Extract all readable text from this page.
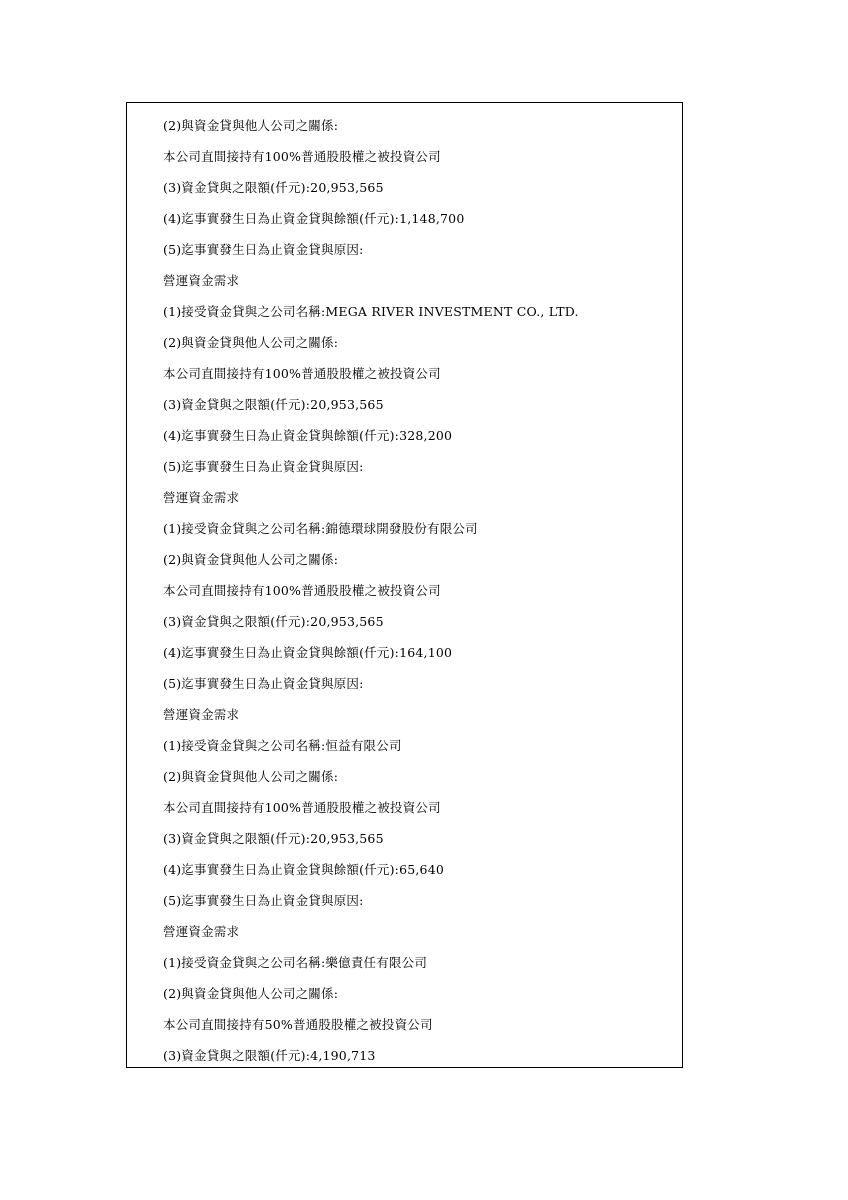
(2)與資金貸與他人公司之關係:
本公司直間接持有100%普通股股權之被投資公司
(3)資金貸與之限額(仟元):20,953,565
(4)迄事實發生日為止資金貸與餘額(仟元):1,148,700
(5)迄事實發生日為止資金貸與原因:
營運資金需求
(1)接受資金貸與之公司名稱:MEGA RIVER INVESTMENT CO., LTD.
(2)與資金貸與他人公司之關係:
本公司直間接持有100%普通股股權之被投資公司
(3)資金貸與之限額(仟元):20,953,565
(4)迄事實發生日為止資金貸與餘額(仟元):328,200
(5)迄事實發生日為止資金貸與原因:
營運資金需求
(1)接受資金貸與之公司名稱:錦德環球開發股份有限公司
(2)與資金貸與他人公司之關係:
本公司直間接持有100%普通股股權之被投資公司
(3)資金貸與之限額(仟元):20,953,565
(4)迄事實發生日為止資金貸與餘額(仟元):164,100
(5)迄事實發生日為止資金貸與原因:
營運資金需求
(1)接受資金貸與之公司名稱:恒益有限公司
(2)與資金貸與他人公司之關係:
本公司直間接持有100%普通股股權之被投資公司
(3)資金貸與之限額(仟元):20,953,565
(4)迄事實發生日為止資金貸與餘額(仟元):65,640
(5)迄事實發生日為止資金貸與原因:
營運資金需求
(1)接受資金貸與之公司名稱:樂億責任有限公司
(2)與資金貸與他人公司之關係:
本公司直間接持有50%普通股股權之被投資公司
(3)資金貸與之限額(仟元):4,190,713
